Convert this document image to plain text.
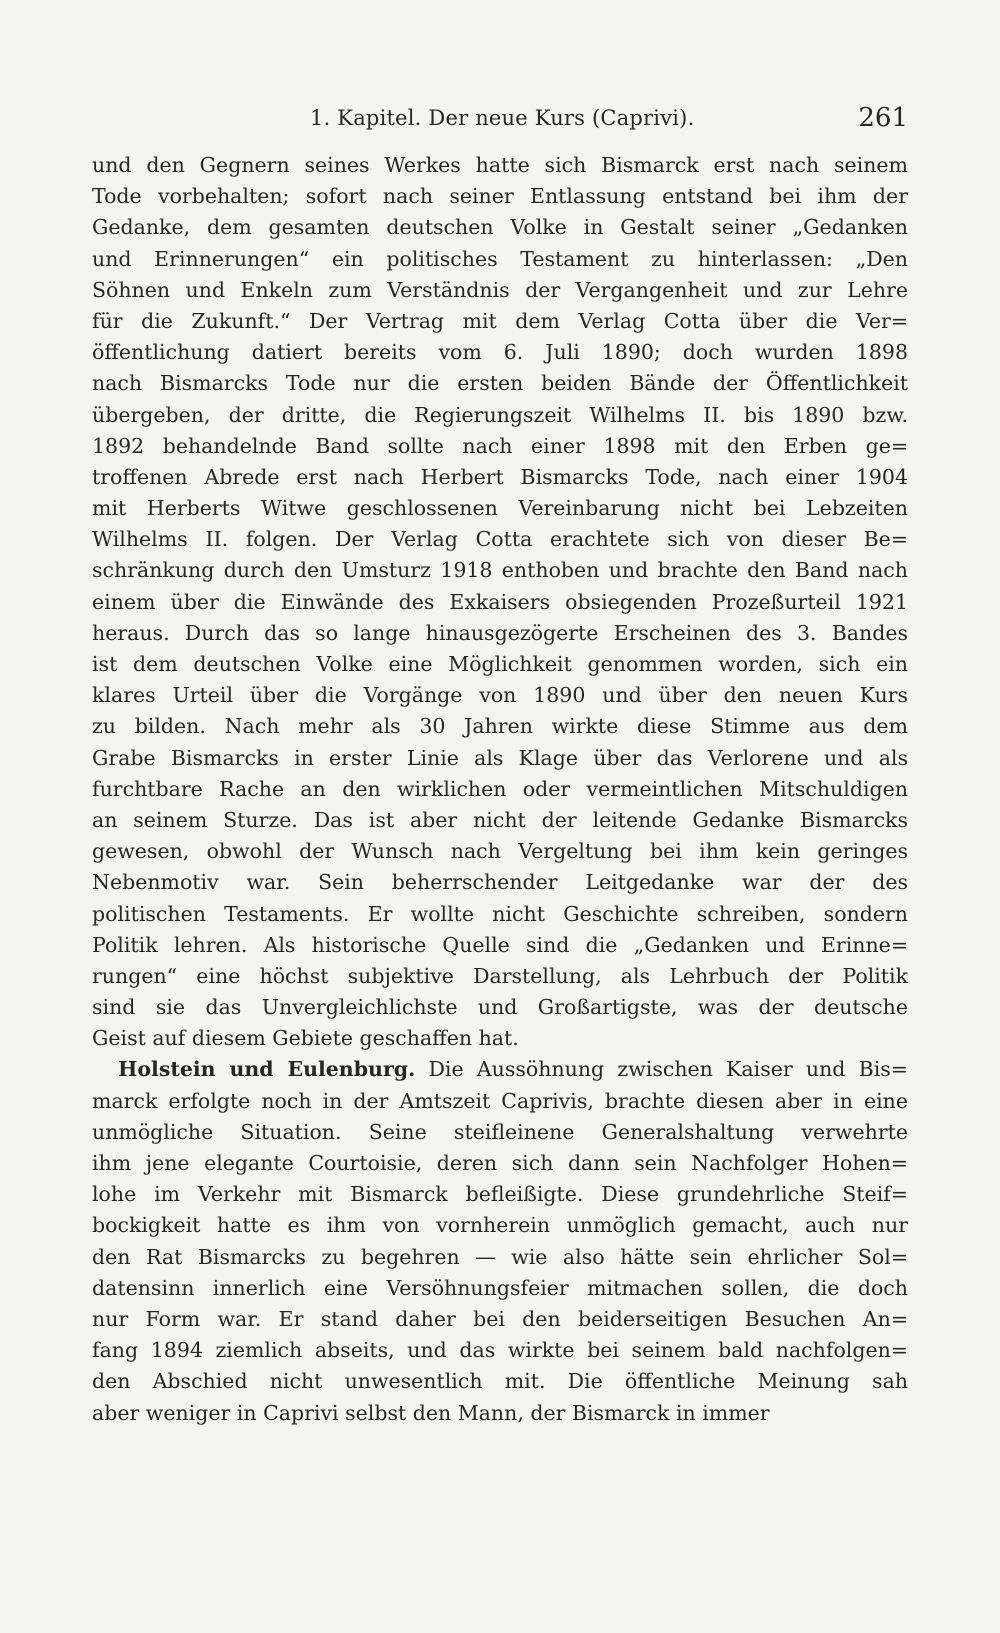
1. Kapitel. Der neue Kurs (Caprivi).	261
und den Gegnern seines Werkes hatte sich Bismarck erst nach seinem
Tode vorbehalten; sofort nach seiner Entlassung entstand bei ihm der
Gedanke, dem gesamten deutschen Volke in Gestalt seiner „Gedanken
und Erinnerungen“ ein politisches Testament zu hinterlassen: „Den
Söhnen und Enkeln zum Verständnis der Vergangenheit und zur Lehre
für die Zukunft.“ Der Vertrag mit dem Verlag Cotta über die Ver=
öffentlichung datiert bereits vom 6. Juli 1890; doch wurden 1898
nach Bismarcks Tode nur die ersten beiden Bände der Öffentlichkeit
übergeben, der dritte, die Regierungszeit Wilhelms II. bis 1890 bzw.
1892 behandelnde Band sollte nach einer 1898 mit den Erben ge=
troffenen Abrede erst nach Herbert Bismarcks Tode, nach einer 1904
mit Herberts Witwe geschlossenen Vereinbarung nicht bei Lebzeiten
Wilhelms II. folgen. Der Verlag Cotta erachtete sich von dieser Be=
schränkung durch den Umsturz 1918 enthoben und brachte den Band nach
einem über die Einwände des Exkaisers obsiegenden Prozeßurteil 1921
heraus. Durch das so lange hinausgezögerte Erscheinen des 3. Bandes
ist dem deutschen Volke eine Möglichkeit genommen worden, sich ein
klares Urteil über die Vorgänge von 1890 und über den neuen Kurs
zu bilden. Nach mehr als 30 Jahren wirkte diese Stimme aus dem
Grabe Bismarcks in erster Linie als Klage über das Verlorene und als
furchtbare Rache an den wirklichen oder vermeintlichen Mitschuldigen
an seinem Sturze. Das ist aber nicht der leitende Gedanke Bismarcks
gewesen, obwohl der Wunsch nach Vergeltung bei ihm kein geringes
Nebenmotiv war. Sein beherrschender Leitgedanke war der des
politischen Testaments. Er wollte nicht Geschichte schreiben, sondern
Politik lehren. Als historische Quelle sind die „Gedanken und Erinne=
rungen“ eine höchst subjektive Darstellung, als Lehrbuch der Politik
sind sie das Unvergleichlichste und Großartigste, was der deutsche
Geist auf diesem Gebiete geschaffen hat.
Holstein und Eulenburg. Die Aussöhnung zwischen Kaiser und Bis=
marck erfolgte noch in der Amtszeit Caprivis, brachte diesen aber in eine
unmögliche Situation. Seine steifleinene Generalshaltung verwehrte
ihm jene elegante Courtoisie, deren sich dann sein Nachfolger Hohen=
lohe im Verkehr mit Bismarck befleißigte. Diese grundehrliche Steif=
bockigkeit hatte es ihm von vornherein unmöglich gemacht, auch nur
den Rat Bismarcks zu begehren — wie also hätte sein ehrlicher Sol=
datensinn innerlich eine Versöhnungsfeier mitmachen sollen, die doch
nur Form war. Er stand daher bei den beiderseitigen Besuchen An=
fang 1894 ziemlich abseits, und das wirkte bei seinem bald nachfolgen=
den Abschied nicht unwesentlich mit. Die öffentliche Meinung sah
aber weniger in Caprivi selbst den Mann, der Bismarck in immer
